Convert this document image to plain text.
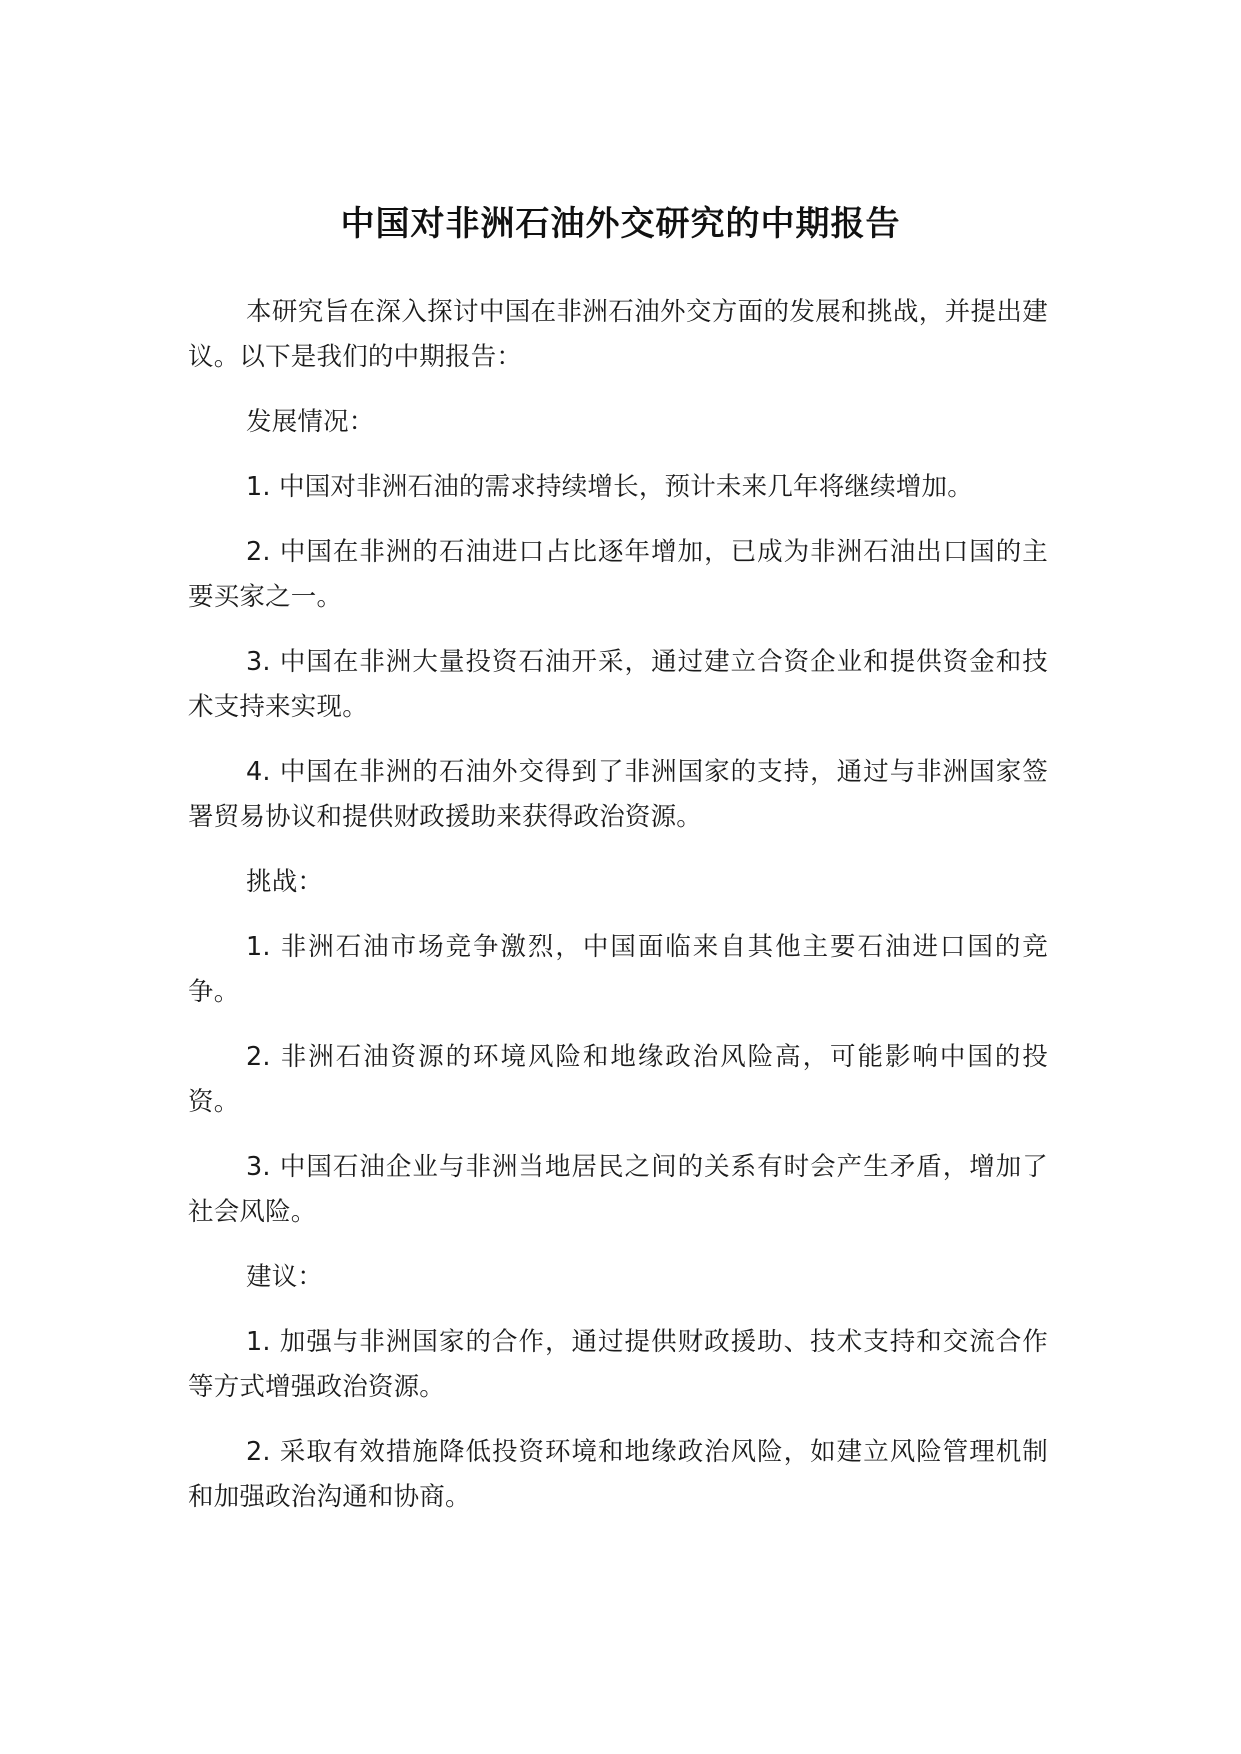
中国对非洲石油外交研究的中期报告

本研究旨在深入探讨中国在非洲石油外交方面的发展和挑战，并提出建议。以下是我们的中期报告：

发展情况：

1. 中国对非洲石油的需求持续增长，预计未来几年将继续增加。

2. 中国在非洲的石油进口占比逐年增加，已成为非洲石油出口国的主要买家之一。

3. 中国在非洲大量投资石油开采，通过建立合资企业和提供资金和技术支持来实现。

4. 中国在非洲的石油外交得到了非洲国家的支持，通过与非洲国家签署贸易协议和提供财政援助来获得政治资源。

挑战：

1. 非洲石油市场竞争激烈，中国面临来自其他主要石油进口国的竞争。

2. 非洲石油资源的环境风险和地缘政治风险高，可能影响中国的投资。

3. 中国石油企业与非洲当地居民之间的关系有时会产生矛盾，增加了社会风险。

建议：

1. 加强与非洲国家的合作，通过提供财政援助、技术支持和交流合作等方式增强政治资源。

2. 采取有效措施降低投资环境和地缘政治风险，如建立风险管理机制和加强政治沟通和协商。
